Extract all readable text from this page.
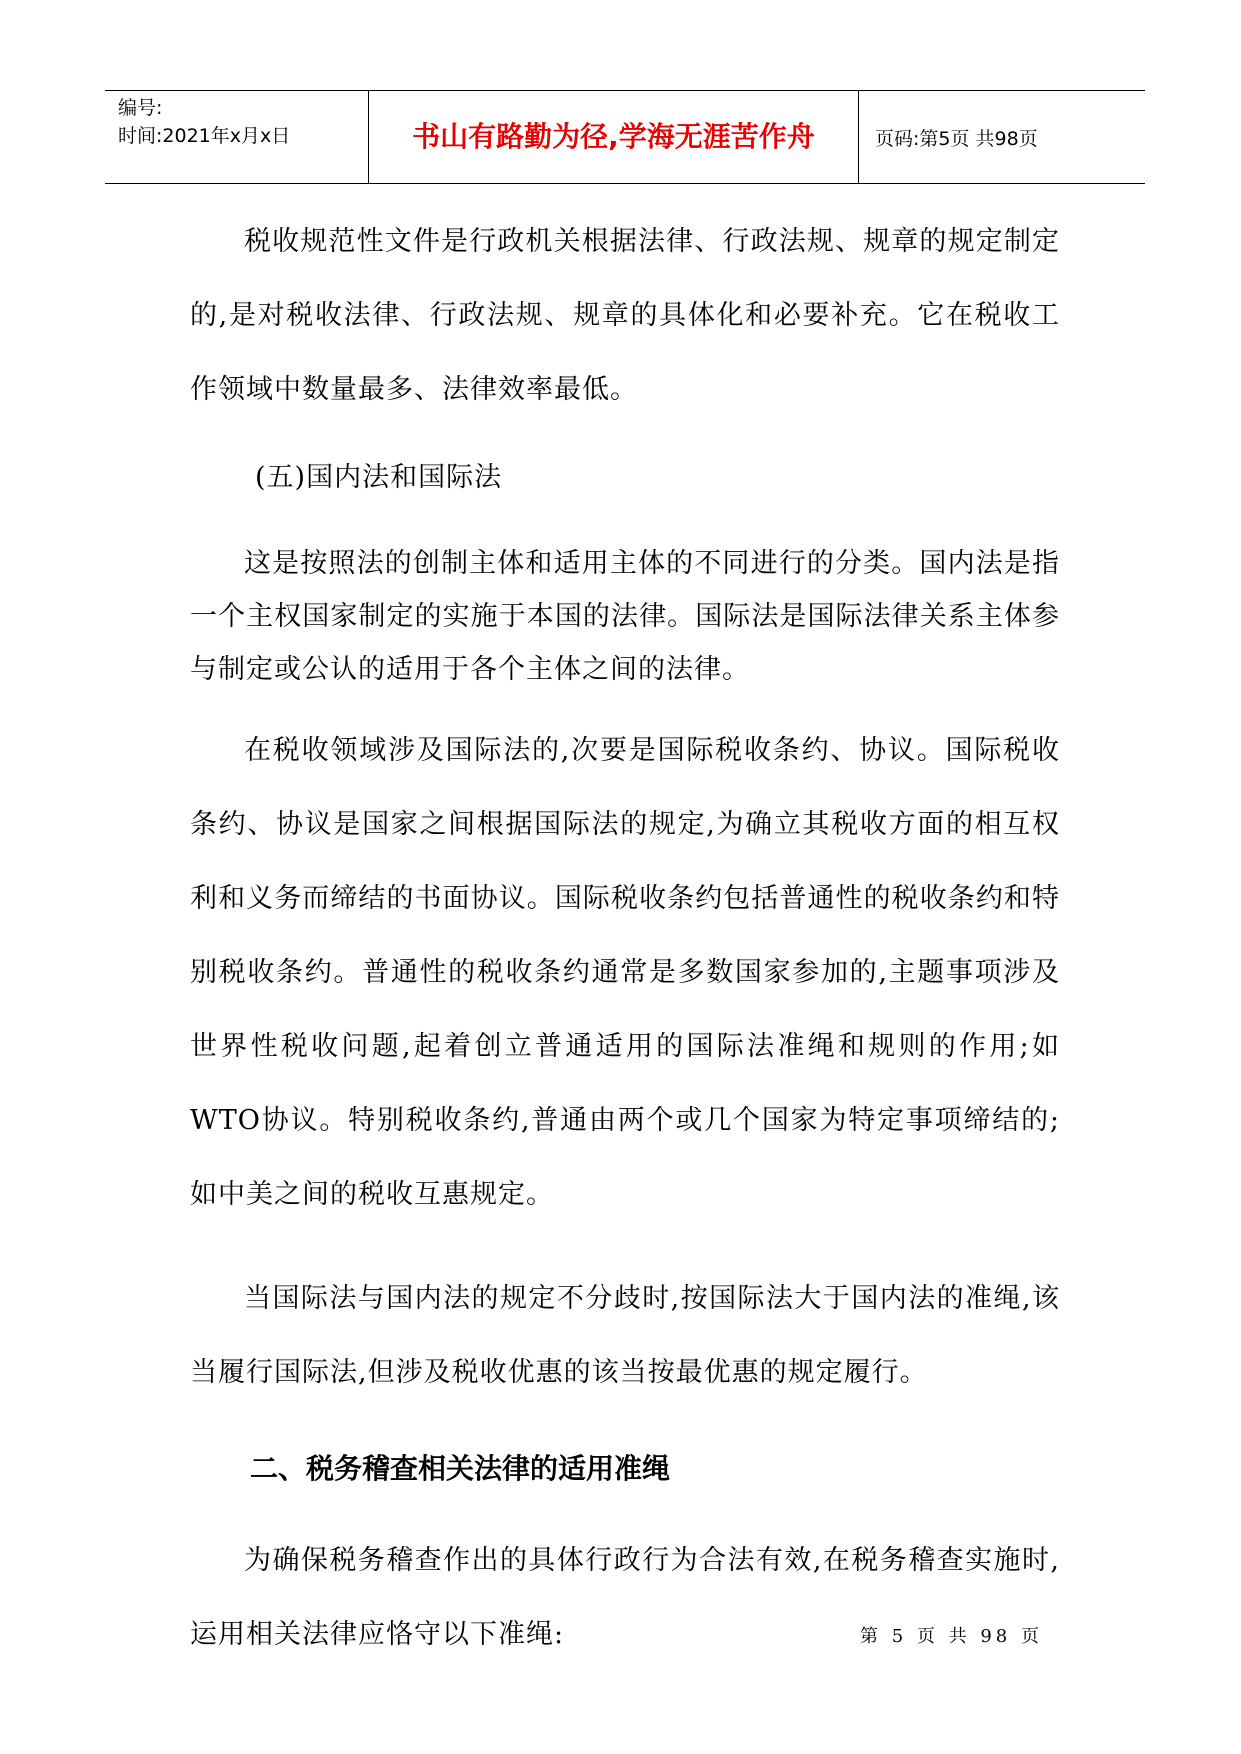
编号:
时间:2021年x月x日	书山有路勤为径,学海无涯苦作舟	页码:第5页 共98页

税收规范性文件是行政机关根据法律、行政法规、规章的规定制定的,是对税收法律、行政法规、规章的具体化和必要补充。它在税收工作领域中数量最多、法律效率最低。

(五)国内法和国际法

这是按照法的创制主体和适用主体的不同进行的分类。国内法是指一个主权国家制定的实施于本国的法律。国际法是国际法律关系主体参与制定或公认的适用于各个主体之间的法律。

在税收领域涉及国际法的,次要是国际税收条约、协议。国际税收条约、协议是国家之间根据国际法的规定,为确立其税收方面的相互权利和义务而缔结的书面协议。国际税收条约包括普通性的税收条约和特别税收条约。普通性的税收条约通常是多数国家参加的,主题事项涉及世界性税收问题,起着创立普通适用的国际法准绳和规则的作用;如WTO协议。特别税收条约,普通由两个或几个国家为特定事项缔结的;如中美之间的税收互惠规定。

当国际法与国内法的规定不分歧时,按国际法大于国内法的准绳,该当履行国际法,但涉及税收优惠的该当按最优惠的规定履行。

二、税务稽查相关法律的适用准绳

为确保税务稽查作出的具体行政行为合法有效,在税务稽查实施时,运用相关法律应恪守以下准绳:	第 5 页 共 98 页
